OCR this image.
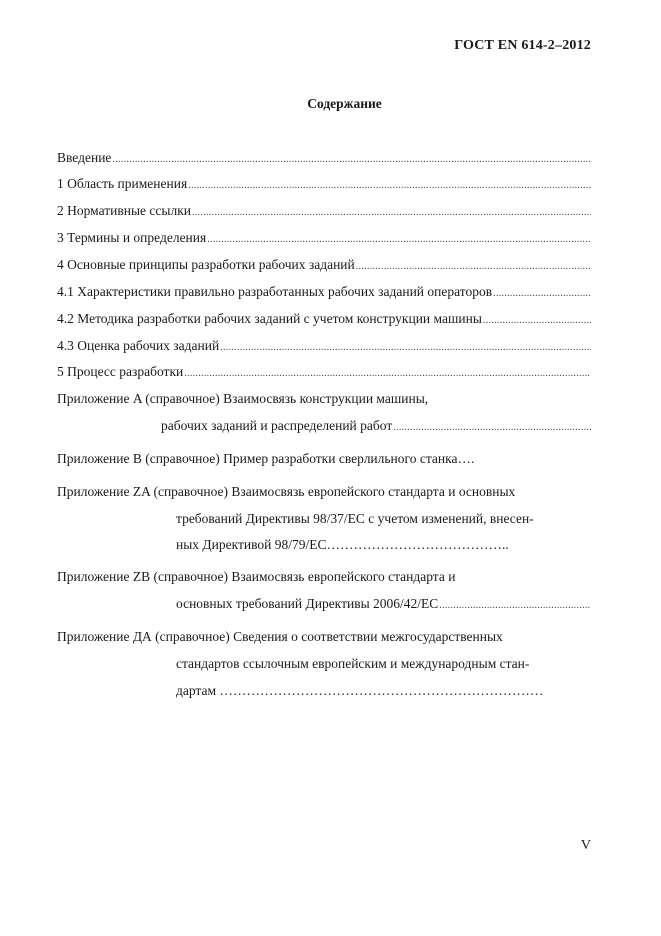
ГОСТ EN 614-2–2012
Содержание
Введение
.....
1 Область применения
.....
2 Нормативные ссылки
.....
3 Термины и определения
.....
4 Основные принципы разработки рабочих заданий
.....
4.1 Характеристики правильно разработанных рабочих заданий операторов
.....
4.2 Методика разработки рабочих заданий с учетом конструкции машины
.....
4.3 Оценка рабочих заданий
.....
5 Процесс разработки
.....
Приложение A (справочное) Взаимосвязь конструкции машины,
рабочих заданий и распределений работ
.....
Приложение B (справочное) Пример разработки сверлильного станка….
Приложение ZA (справочное) Взаимосвязь европейского стандарта и основных
требований Директивы 98/37/ЕС с учетом изменений, внесен-
ных Директивой 98/79/ЕС…………………………………..
Приложение ZB (справочное) Взаимосвязь европейского стандарта и
основных требований Директивы 2006/42/ЕС
.....
Приложение ДА (справочное) Сведения о соответствии межгосударственных
стандартов ссылочным европейским и международным стан-
дартам ………………………………………………………………
V
